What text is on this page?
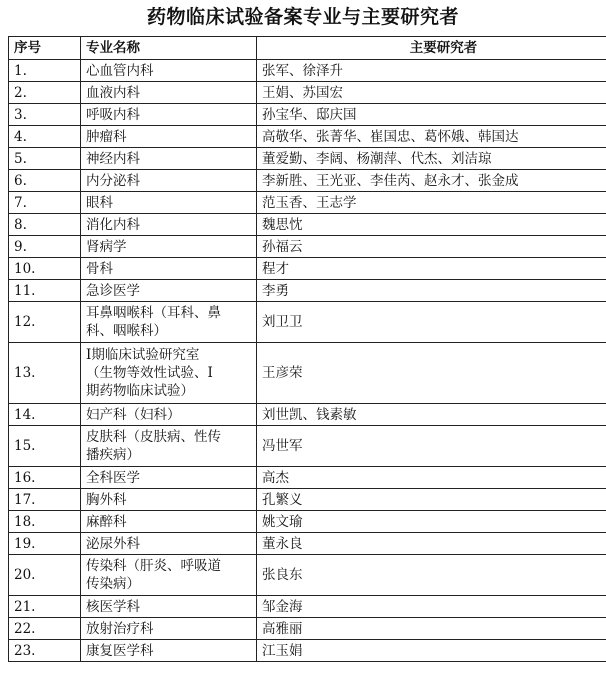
药物临床试验备案专业与主要研究者
序号	专业名称	主要研究者
1.	心血管内科	张军、徐泽升
2.	血液内科	王娟、苏国宏
3.	呼吸内科	孙宝华、邸庆国
4.	肿瘤科	高敬华、张菁华、崔国忠、葛怀娥、韩国达
5.	神经内科	董爱勤、李阔、杨潮萍、代杰、刘洁琼
6.	内分泌科	李新胜、王光亚、李佳芮、赵永才、张金成
7.	眼科	范玉香、王志学
8.	消化内科	魏思忱
9.	肾病学	孙福云
10.	骨科	程才
11.	急诊医学	李勇
12.	耳鼻咽喉科（耳科、鼻
科、咽喉科）	刘卫卫
13.	Ⅰ期临床试验研究室
（生物等效性试验、Ⅰ
期药物临床试验）	王彦荣
14.	妇产科（妇科）	刘世凯、钱素敏
15.	皮肤科（皮肤病、性传
播疾病）	冯世军
16.	全科医学	高杰
17.	胸外科	孔繁义
18.	麻醉科	姚文瑜
19.	泌尿外科	董永良
20.	传染科（肝炎、呼吸道
传染病）	张良东
21.	核医学科	邹金海
22.	放射治疗科	高雅丽
23.	康复医学科	江玉娟
